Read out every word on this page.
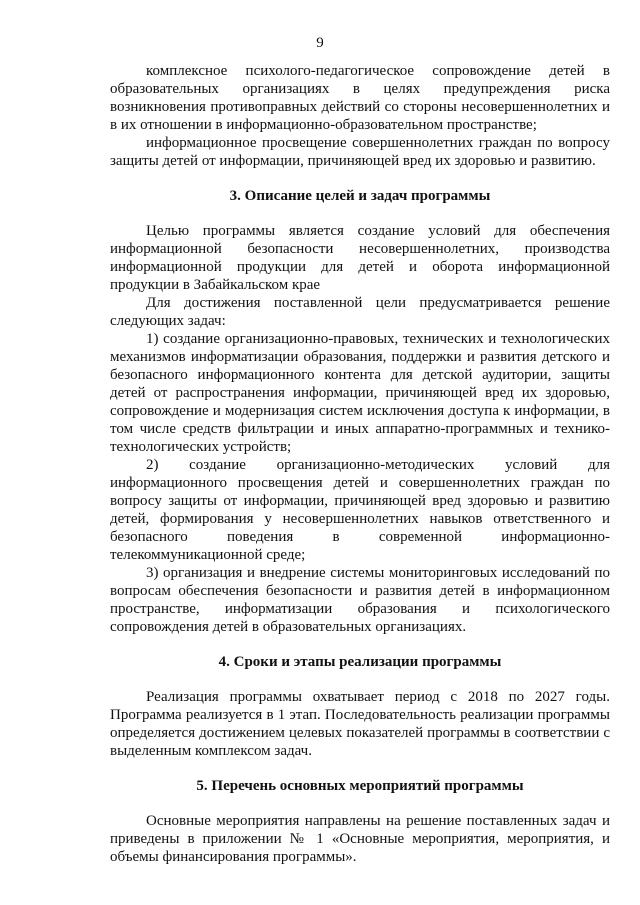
9

комплексное психолого-педагогическое сопровождение детей в образовательных организациях в целях предупреждения риска возникновения противоправных действий со стороны несовершеннолетних и в их отношении в информационно-образовательном пространстве;

информационное просвещение совершеннолетних граждан по вопросу защиты детей от информации, причиняющей вред их здоровью и развитию.

3. Описание целей и задач программы

Целью программы является создание условий для обеспечения информационной безопасности несовершеннолетних, производства информационной продукции для детей и оборота информационной продукции в Забайкальском крае

Для достижения поставленной цели предусматривается решение следующих задач:

1) создание организационно-правовых, технических и технологических механизмов информатизации образования, поддержки и развития детского и безопасного информационного контента для детской аудитории, защиты детей от распространения информации, причиняющей вред их здоровью, сопровождение и модернизация систем исключения доступа к информации, в том числе средств фильтрации и иных аппаратно-программных и технико-технологических устройств;

2) создание организационно-методических условий для информационного просвещения детей и совершеннолетних граждан по вопросу защиты от информации, причиняющей вред здоровью и развитию детей, формирования у несовершеннолетних навыков ответственного и безопасного поведения в современной информационно-телекоммуникационной среде;

3) организация и внедрение системы мониторинговых исследований по вопросам обеспечения безопасности и развития детей в информационном пространстве, информатизации образования и психологического сопровождения детей в образовательных организациях.

4. Сроки и этапы реализации программы

Реализация программы охватывает период с 2018 по 2027 годы. Программа реализуется в 1 этап. Последовательность реализации программы определяется достижением целевых показателей программы в соответствии с выделенным комплексом задач.

5. Перечень основных мероприятий программы

Основные мероприятия направлены на решение поставленных задач и приведены в приложении № 1 «Основные мероприятия, мероприятия, и объемы финансирования программы».
